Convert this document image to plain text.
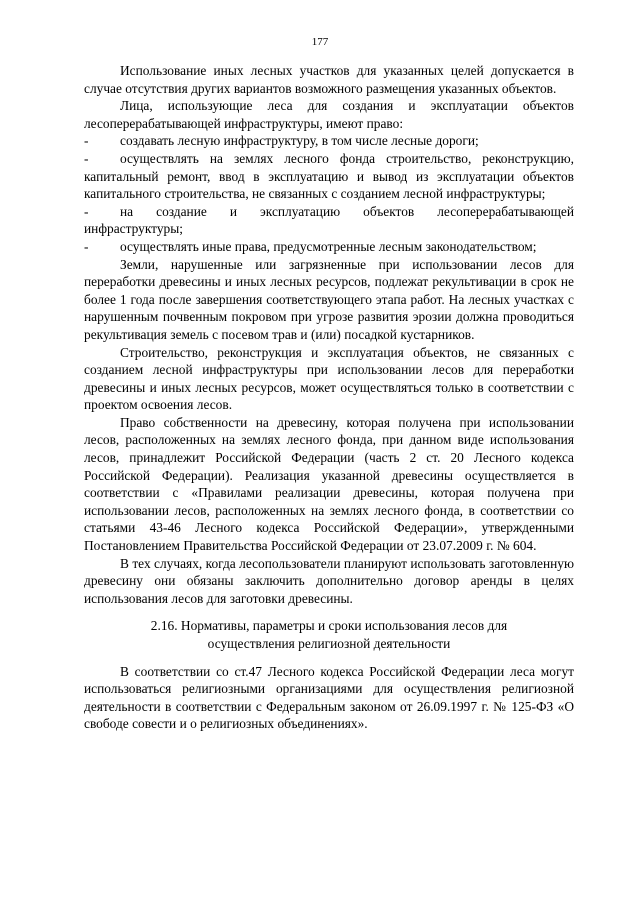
177

Использование иных лесных участков для указанных целей допускается в случае отсутствия других вариантов возможного размещения указанных объектов.

Лица, использующие леса для создания и эксплуатации объектов лесоперерабатывающей инфраструктуры, имеют право:

- создавать лесную инфраструктуру, в том числе лесные дороги;

- осуществлять на землях лесного фонда строительство, реконструкцию, капитальный ремонт, ввод в эксплуатацию и вывод из эксплуатации объектов капитального строительства, не связанных с созданием лесной инфраструктуры;

- на создание и эксплуатацию объектов лесоперерабатывающей инфраструктуры;

- осуществлять иные права, предусмотренные лесным законодательством;

Земли, нарушенные или загрязненные при использовании лесов для переработки древесины и иных лесных ресурсов, подлежат рекультивации в срок не более 1 года после завершения соответствующего этапа работ. На лесных участках с нарушенным почвенным покровом при угрозе развития эрозии должна проводиться рекультивация земель с посевом трав и (или) посадкой кустарников.

Строительство, реконструкция и эксплуатация объектов, не связанных с созданием лесной инфраструктуры при использовании лесов для переработки древесины и иных лесных ресурсов, может осуществляться только в соответствии с проектом освоения лесов.

Право собственности на древесину, которая получена при использовании лесов, расположенных на землях лесного фонда, при данном виде использования лесов, принадлежит Российской Федерации (часть 2 ст. 20 Лесного кодекса Российской Федерации). Реализация указанной древесины осуществляется в соответствии с «Правилами реализации древесины, которая получена при использовании лесов, расположенных на землях лесного фонда, в соответствии со статьями 43-46 Лесного кодекса Российской Федерации», утвержденными Постановлением Правительства Российской Федерации от 23.07.2009 г. № 604.

В тех случаях, когда лесопользователи планируют использовать заготовленную древесину они обязаны заключить дополнительно договор аренды в целях использования лесов для заготовки древесины.

2.16. Нормативы, параметры и сроки использования лесов для
осуществления религиозной деятельности

В соответствии со ст.47 Лесного кодекса Российской Федерации леса могут использоваться религиозными организациями для осуществления религиозной деятельности в соответствии с Федеральным законом от 26.09.1997 г. № 125-ФЗ «О свободе совести и о религиозных объединениях».
